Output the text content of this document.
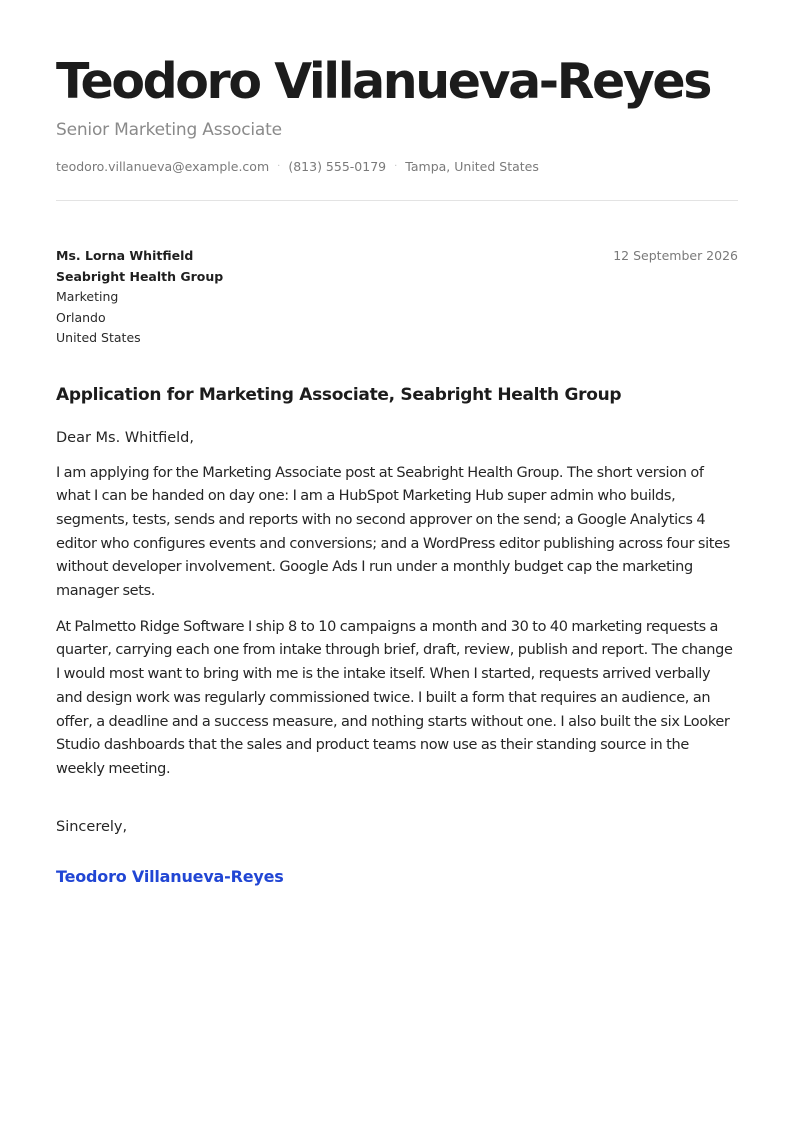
Teodoro Villanueva-Reyes
Senior Marketing Associate
teodoro.villanueva@example.com · (813) 555-0179 · Tampa, United States
12 September 2026
Ms. Lorna Whitfield
Seabright Health Group
Marketing
Orlando
United States
Application for Marketing Associate, Seabright Health Group
Dear Ms. Whitfield,

I am applying for the Marketing Associate post at Seabright Health Group. The short version of what I can be handed on day one: I am a HubSpot Marketing Hub super admin who builds, segments, tests, sends and reports with no second approver on the send; a Google Analytics 4 editor who configures events and conversions; and a WordPress editor publishing across four sites without developer involvement. Google Ads I run under a monthly budget cap the marketing manager sets.

At Palmetto Ridge Software I ship 8 to 10 campaigns a month and 30 to 40 marketing requests a quarter, carrying each one from intake through brief, draft, review, publish and report. The change I would most want to bring with me is the intake itself. When I started, requests arrived verbally and design work was regularly commissioned twice. I built a form that requires an audience, an offer, a deadline and a success measure, and nothing starts without one. I also built the six Looker Studio dashboards that the sales and product teams now use as their standing source in the weekly meeting.

Sincerely,
Teodoro Villanueva-Reyes
